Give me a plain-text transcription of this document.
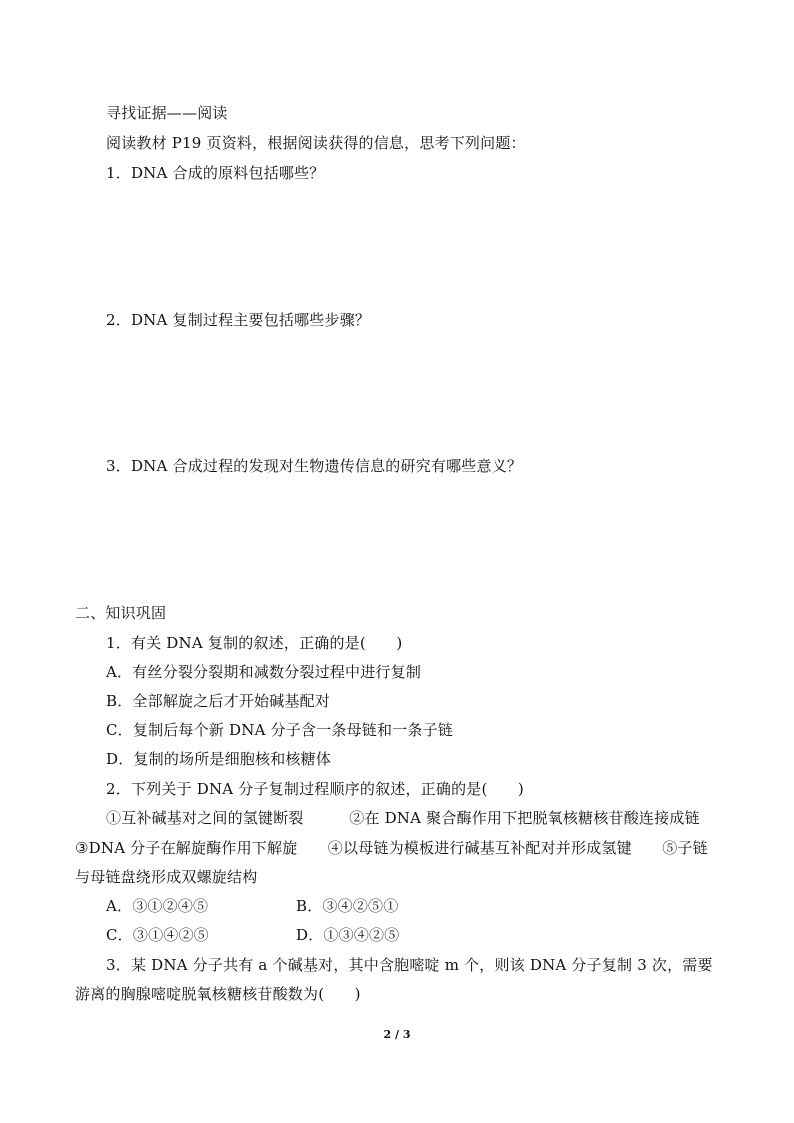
寻找证据——阅读
阅读教材 P19 页资料，根据阅读获得的信息，思考下列问题：
1．DNA 合成的原料包括哪些？
2．DNA 复制过程主要包括哪些步骤？
3．DNA 合成过程的发现对生物遗传信息的研究有哪些意义？
二、知识巩固
1．有关 DNA 复制的叙述，正确的是(　　)
A．有丝分裂分裂期和减数分裂过程中进行复制
B．全部解旋之后才开始碱基配对
C．复制后每个新 DNA 分子含一条母链和一条子链
D．复制的场所是细胞核和核糖体
2．下列关于 DNA 分子复制过程顺序的叙述，正确的是(　　)
①互补碱基对之间的氢键断裂　　　②在 DNA 聚合酶作用下把脱氧核糖核苷酸连接成链
③DNA 分子在解旋酶作用下解旋　　④以母链为模板进行碱基互补配对并形成氢键　　⑤子链
与母链盘绕形成双螺旋结构
A．③①②④⑤	B．③④②⑤①
C．③①④②⑤	D．①③④②⑤
3．某 DNA 分子共有 a 个碱基对，其中含胞嘧啶 m 个，则该 DNA 分子复制 3 次，需要
游离的胸腺嘧啶脱氧核糖核苷酸数为(　　)
2 / 3
